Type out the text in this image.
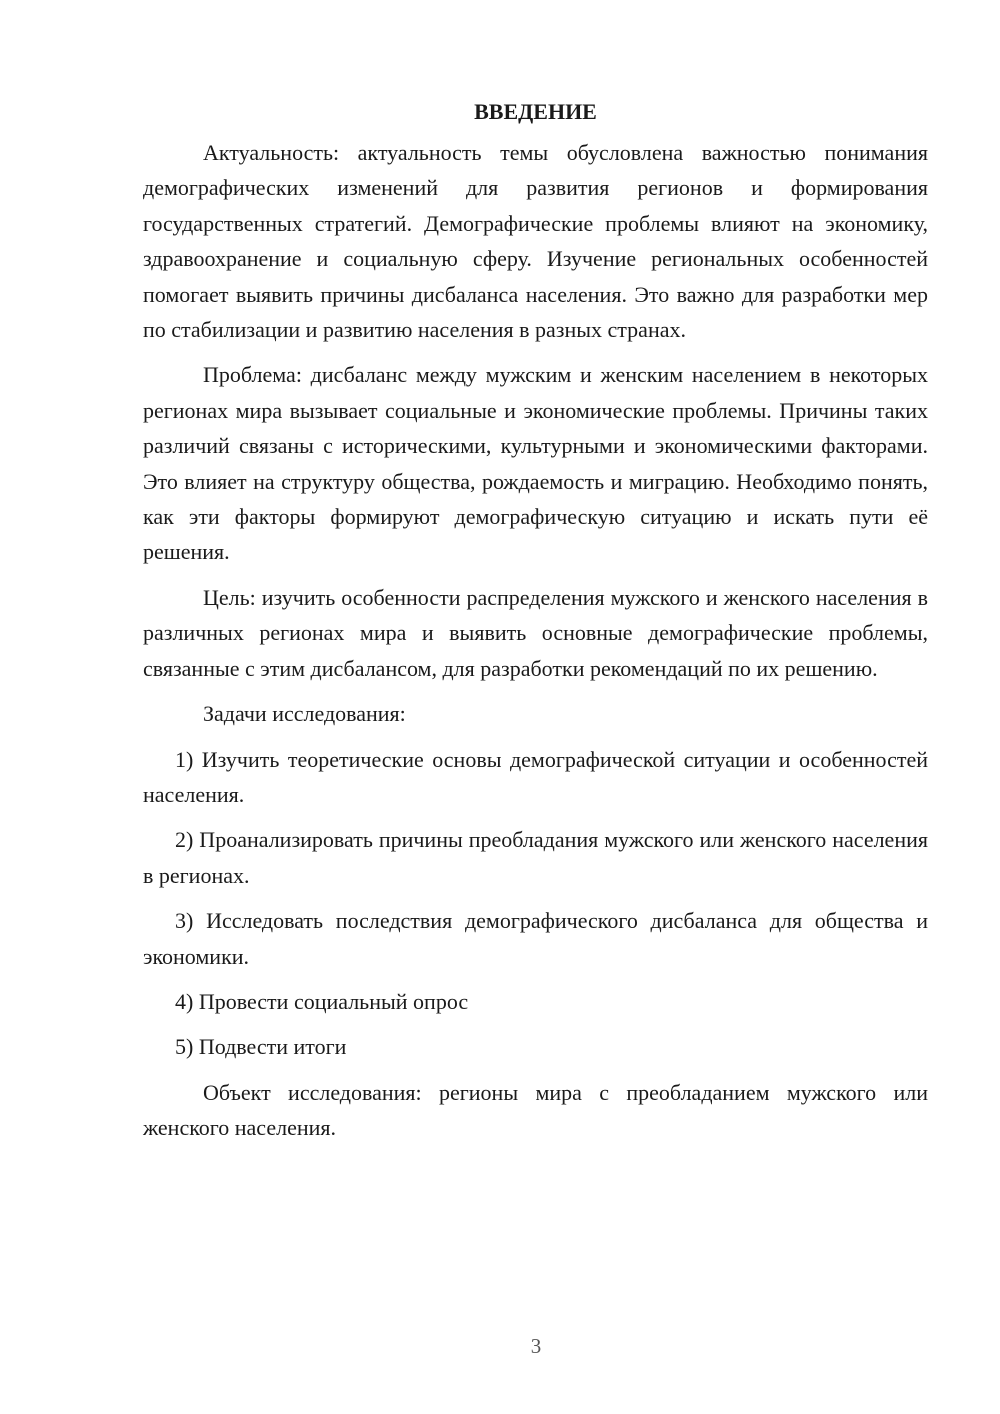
ВВЕДЕНИЕ

Актуальность: актуальность темы обусловлена важностью понимания демографических изменений для развития регионов и формирования государственных стратегий. Демографические проблемы влияют на экономику, здравоохранение и социальную сферу. Изучение региональных особенностей помогает выявить причины дисбаланса населения. Это важно для разработки мер по стабилизации и развитию населения в разных странах.

Проблема: дисбаланс между мужским и женским населением в некоторых регионах мира вызывает социальные и экономические проблемы. Причины таких различий связаны с историческими, культурными и экономическими факторами. Это влияет на структуру общества, рождаемость и миграцию. Необходимо понять, как эти факторы формируют демографическую ситуацию и искать пути её решения.

Цель: изучить особенности распределения мужского и женского населения в различных регионах мира и выявить основные демографические проблемы, связанные с этим дисбалансом, для разработки рекомендаций по их решению.

Задачи исследования:

1) Изучить теоретические основы демографической ситуации и особенностей населения.

2) Проанализировать причины преобладания мужского или женского населения в регионах.

3) Исследовать последствия демографического дисбаланса для общества и экономики.

4) Провести социальный опрос

5) Подвести итоги

Объект исследования: регионы мира с преобладанием мужского или женского населения.

3
